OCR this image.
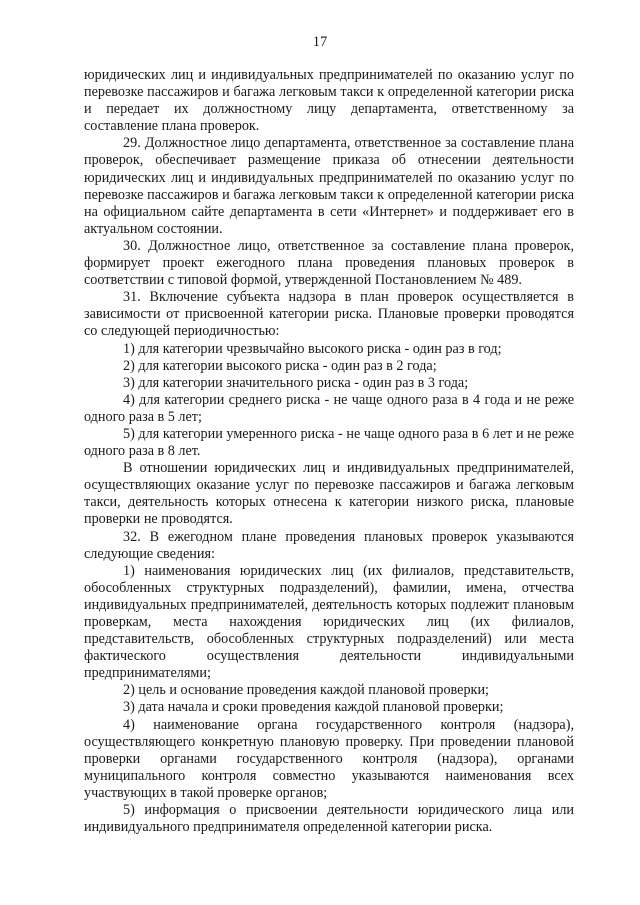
17

юридических лиц и индивидуальных предпринимателей по оказанию услуг по перевозке пассажиров и багажа легковым такси к определенной категории риска и передает их должностному лицу департамента, ответственному за составление плана проверок.

29. Должностное лицо департамента, ответственное за составление плана проверок, обеспечивает размещение приказа об отнесении деятельности юридических лиц и индивидуальных предпринимателей по оказанию услуг по перевозке пассажиров и багажа легковым такси к определенной категории риска на официальном сайте департамента в сети «Интернет» и поддерживает его в актуальном состоянии.

30. Должностное лицо, ответственное за составление плана проверок, формирует проект ежегодного плана проведения плановых проверок в соответствии с типовой формой, утвержденной Постановлением № 489.

31. Включение субъекта надзора в план проверок осуществляется в зависимости от присвоенной категории риска. Плановые проверки проводятся со следующей периодичностью:

1) для категории чрезвычайно высокого риска - один раз в год;

2) для категории высокого риска - один раз в 2 года;

3) для категории значительного риска - один раз в 3 года;

4) для категории среднего риска - не чаще одного раза в 4 года и не реже одного раза в 5 лет;

5) для категории умеренного риска - не чаще одного раза в 6 лет и не реже одного раза в 8 лет.

В отношении юридических лиц и индивидуальных предпринимателей, осуществляющих оказание услуг по перевозке пассажиров и багажа легковым такси, деятельность которых отнесена к категории низкого риска, плановые проверки не проводятся.

32. В ежегодном плане проведения плановых проверок указываются следующие сведения:

1) наименования юридических лиц (их филиалов, представительств, обособленных структурных подразделений), фамилии, имена, отчества индивидуальных предпринимателей, деятельность которых подлежит плановым проверкам, места нахождения юридических лиц (их филиалов, представительств, обособленных структурных подразделений) или места фактического осуществления деятельности индивидуальными предпринимателями;

2) цель и основание проведения каждой плановой проверки;

3) дата начала и сроки проведения каждой плановой проверки;

4) наименование органа государственного контроля (надзора), осуществляющего конкретную плановую проверку. При проведении плановой проверки органами государственного контроля (надзора), органами муниципального контроля совместно указываются наименования всех участвующих в такой проверке органов;

5) информация о присвоении деятельности юридического лица или индивидуального предпринимателя определенной категории риска.
